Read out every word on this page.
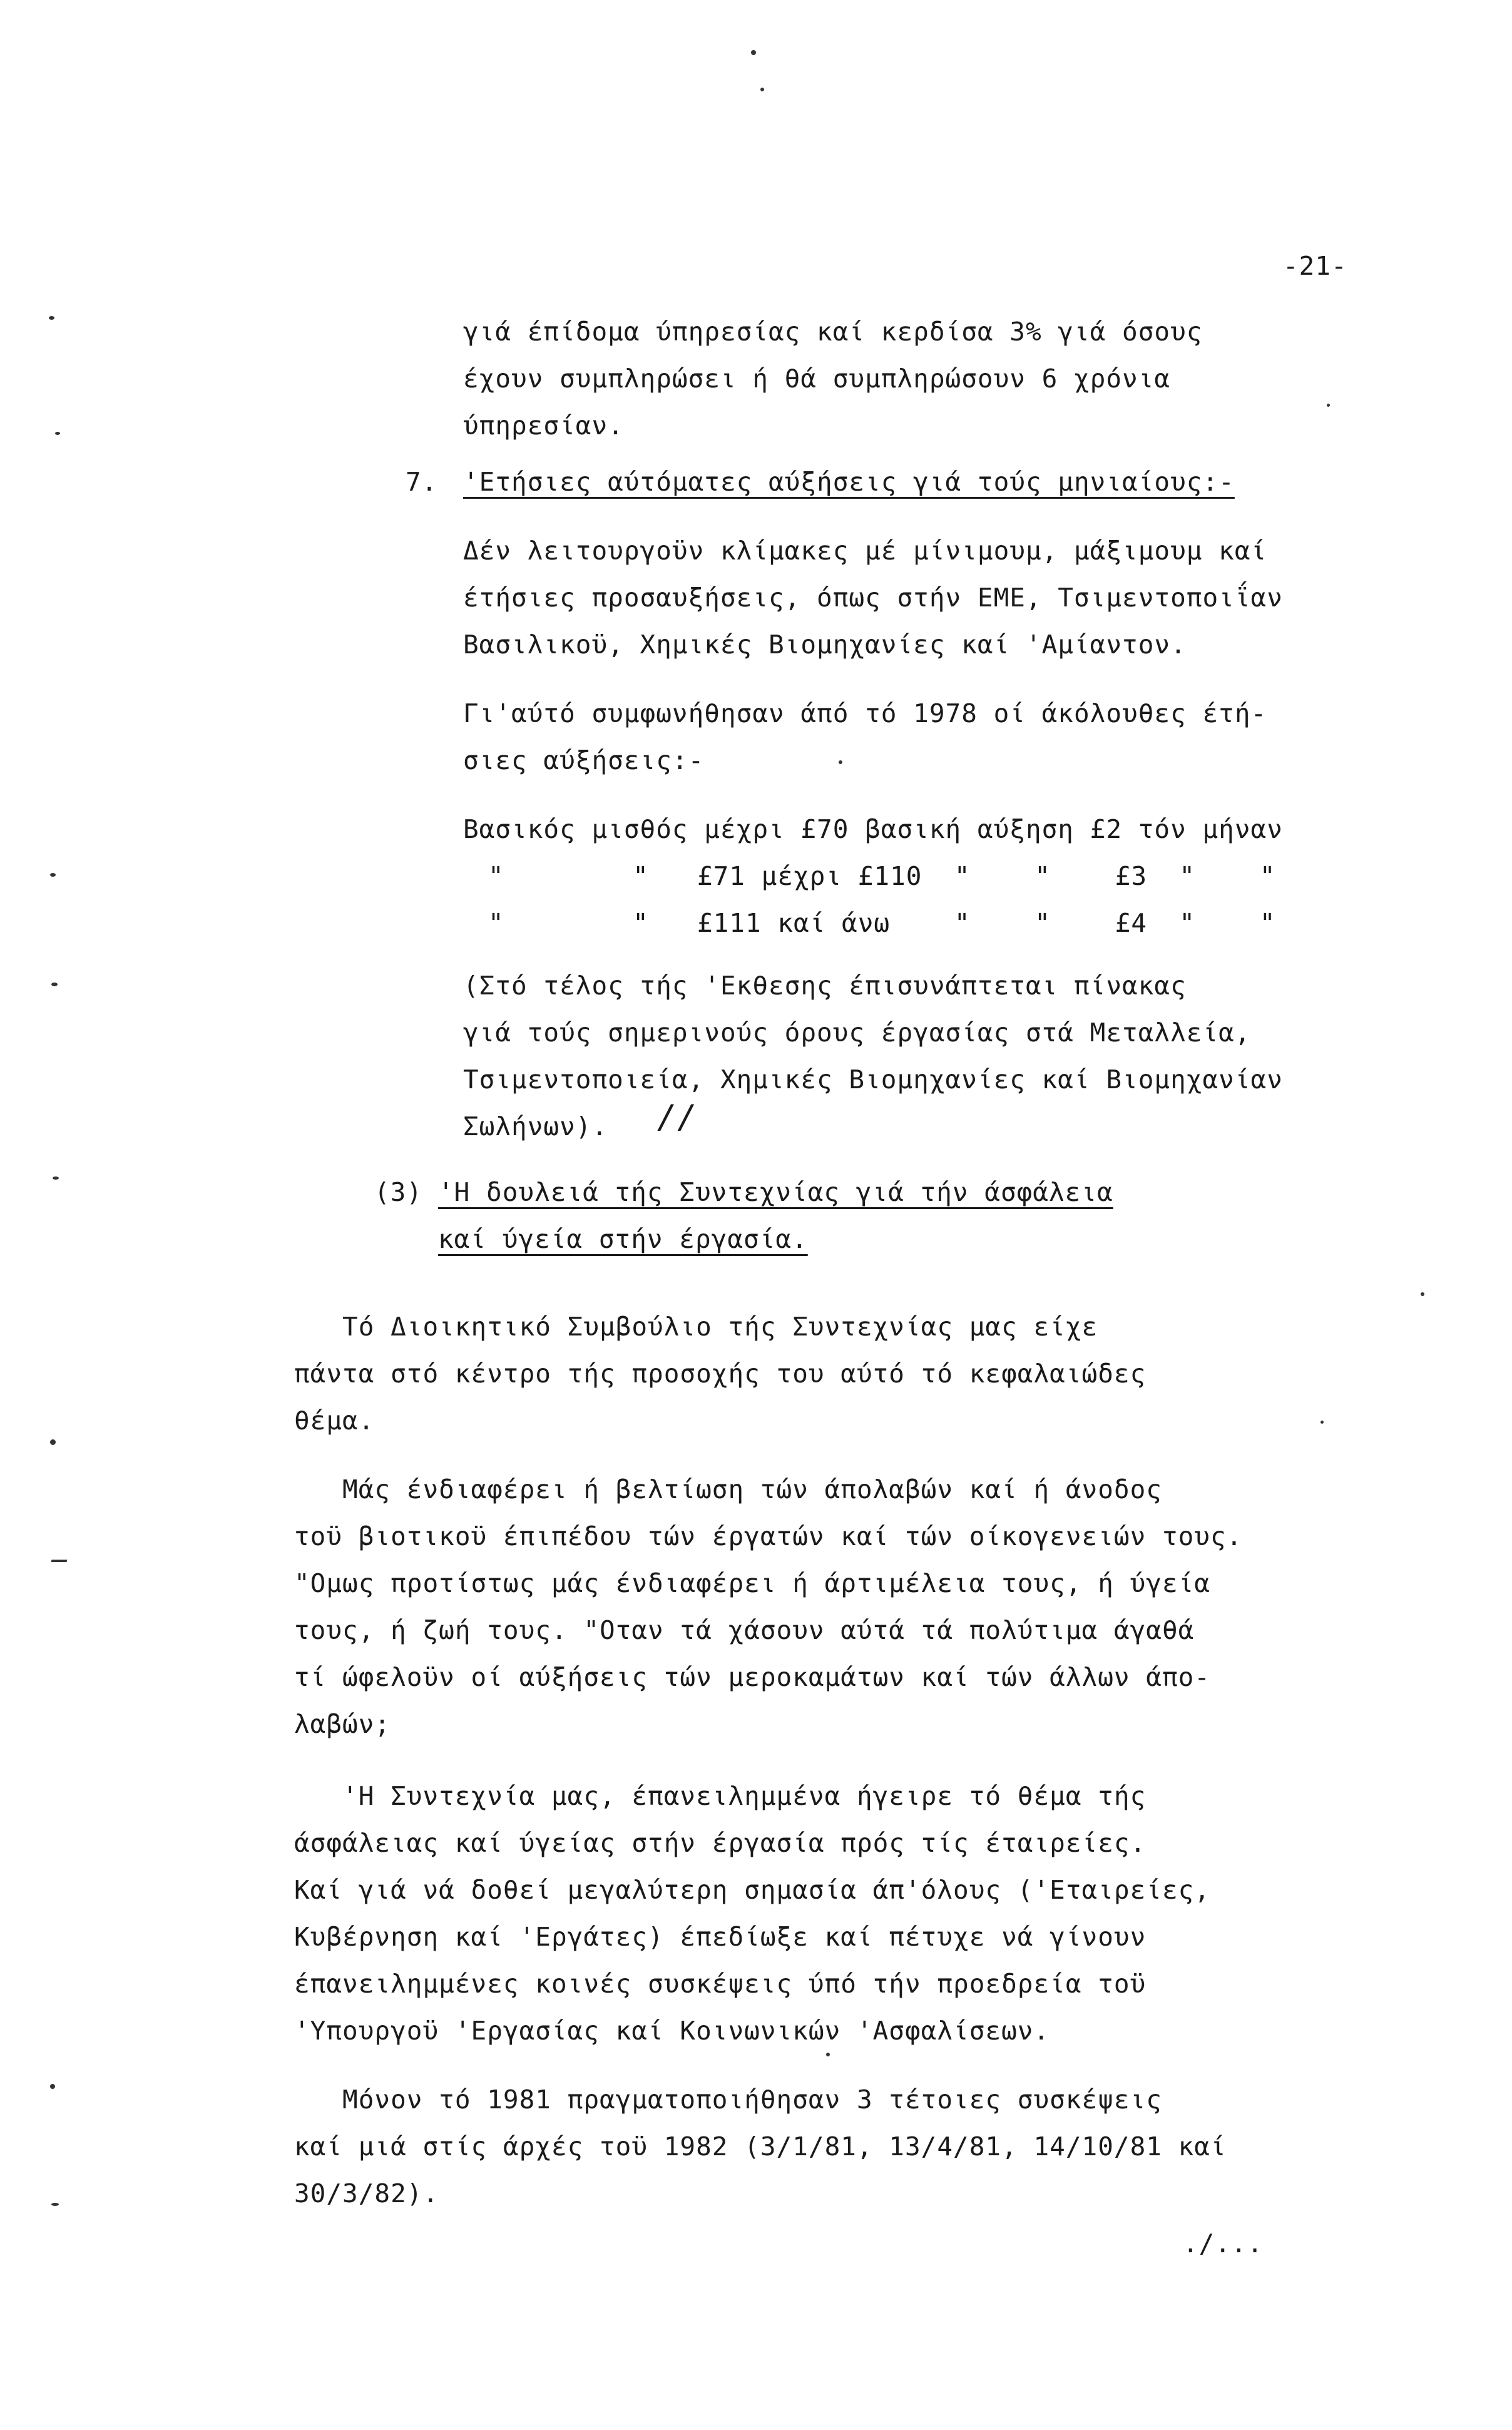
-21-
γιά έπίδομα ύπηρεσίας καί κερδίσα 3% γιά όσους
έχουν συμπληρώσει ή θά συμπληρώσουν 6 χρόνια
ύπηρεσίαν.
7. 'Ετήσιες αύτόματες αύξήσεις γιά τούς μηνιαίους:-
Δέν λειτουργοϋν κλίμακες μέ μίνιμουμ, μάξιμουμ καί
έτήσιες προσαυξήσεις, όπως στήν ΕΜΕ, Τσιμεντοποιΐαν
Βασιλικοϋ, Χημικές Βιομηχανίες καί 'Αμίαντον.
Γι'αύτό συμφωνήθησαν άπό τό 1978 οί άκόλουθες έτή-
σιες αύξήσεις:-
Βασικός μισθός μέχρι £70 βασική αύξηση £2 τόν μήναν
"        "   £71 μέχρι £110  "    "    £3  "    "
"        "   £111 καί άνω    "    "    £4  "    "
(Στό τέλος τής 'Εκθεσης έπισυνάπτεται πίνακας
γιά τούς σημερινούς όρους έργασίας στά Μεταλλεία,
Τσιμεντοποιεία, Χημικές Βιομηχανίες καί Βιομηχανίαν
Σωλήνων). //
(3) 'Η δουλειά τής Συντεχνίας γιά τήν άσφάλεια
καί ύγεία στήν έργασία.
Τό Διοικητικό Συμβούλιο τής Συντεχνίας μας είχε
πάντα στό κέντρο τής προσοχής του αύτό τό κεφαλαιώδες
θέμα.
Μάς ένδιαφέρει ή βελτίωση τών άπολαβών καί ή άνοδος
τοϋ βιοτικοϋ έπιπέδου τών έργατών καί τών οίκογενειών τους.
"Ομως προτίστως μάς ένδιαφέρει ή άρτιμέλεια τους, ή ύγεία
τους, ή ζωή τους. "Οταν τά χάσουν αύτά τά πολύτιμα άγαθά
τί ώφελοϋν οί αύξήσεις τών μεροκαμάτων καί τών άλλων άπο-
λαβών;
'Η Συντεχνία μας, έπανειλημμένα ήγειρε τό θέμα τής
άσφάλειας καί ύγείας στήν έργασία πρός τίς έταιρείες.
Καί γιά νά δοθεί μεγαλύτερη σημασία άπ'όλους ('Εταιρείες,
Κυβέρνηση καί 'Εργάτες) έπεδίωξε καί πέτυχε νά γίνουν
έπανειλημμένες κοινές συσκέψεις ύπό τήν προεδρεία τοϋ
'Υπουργοϋ 'Εργασίας καί Κοινωνικών 'Ασφαλίσεων.
Μόνον τό 1981 πραγματοποιήθησαν 3 τέτοιες συσκέψεις
καί μιά στίς άρχές τοϋ 1982 (3/1/81, 13/4/81, 14/10/81 καί
30/3/82).
./...
ـ
